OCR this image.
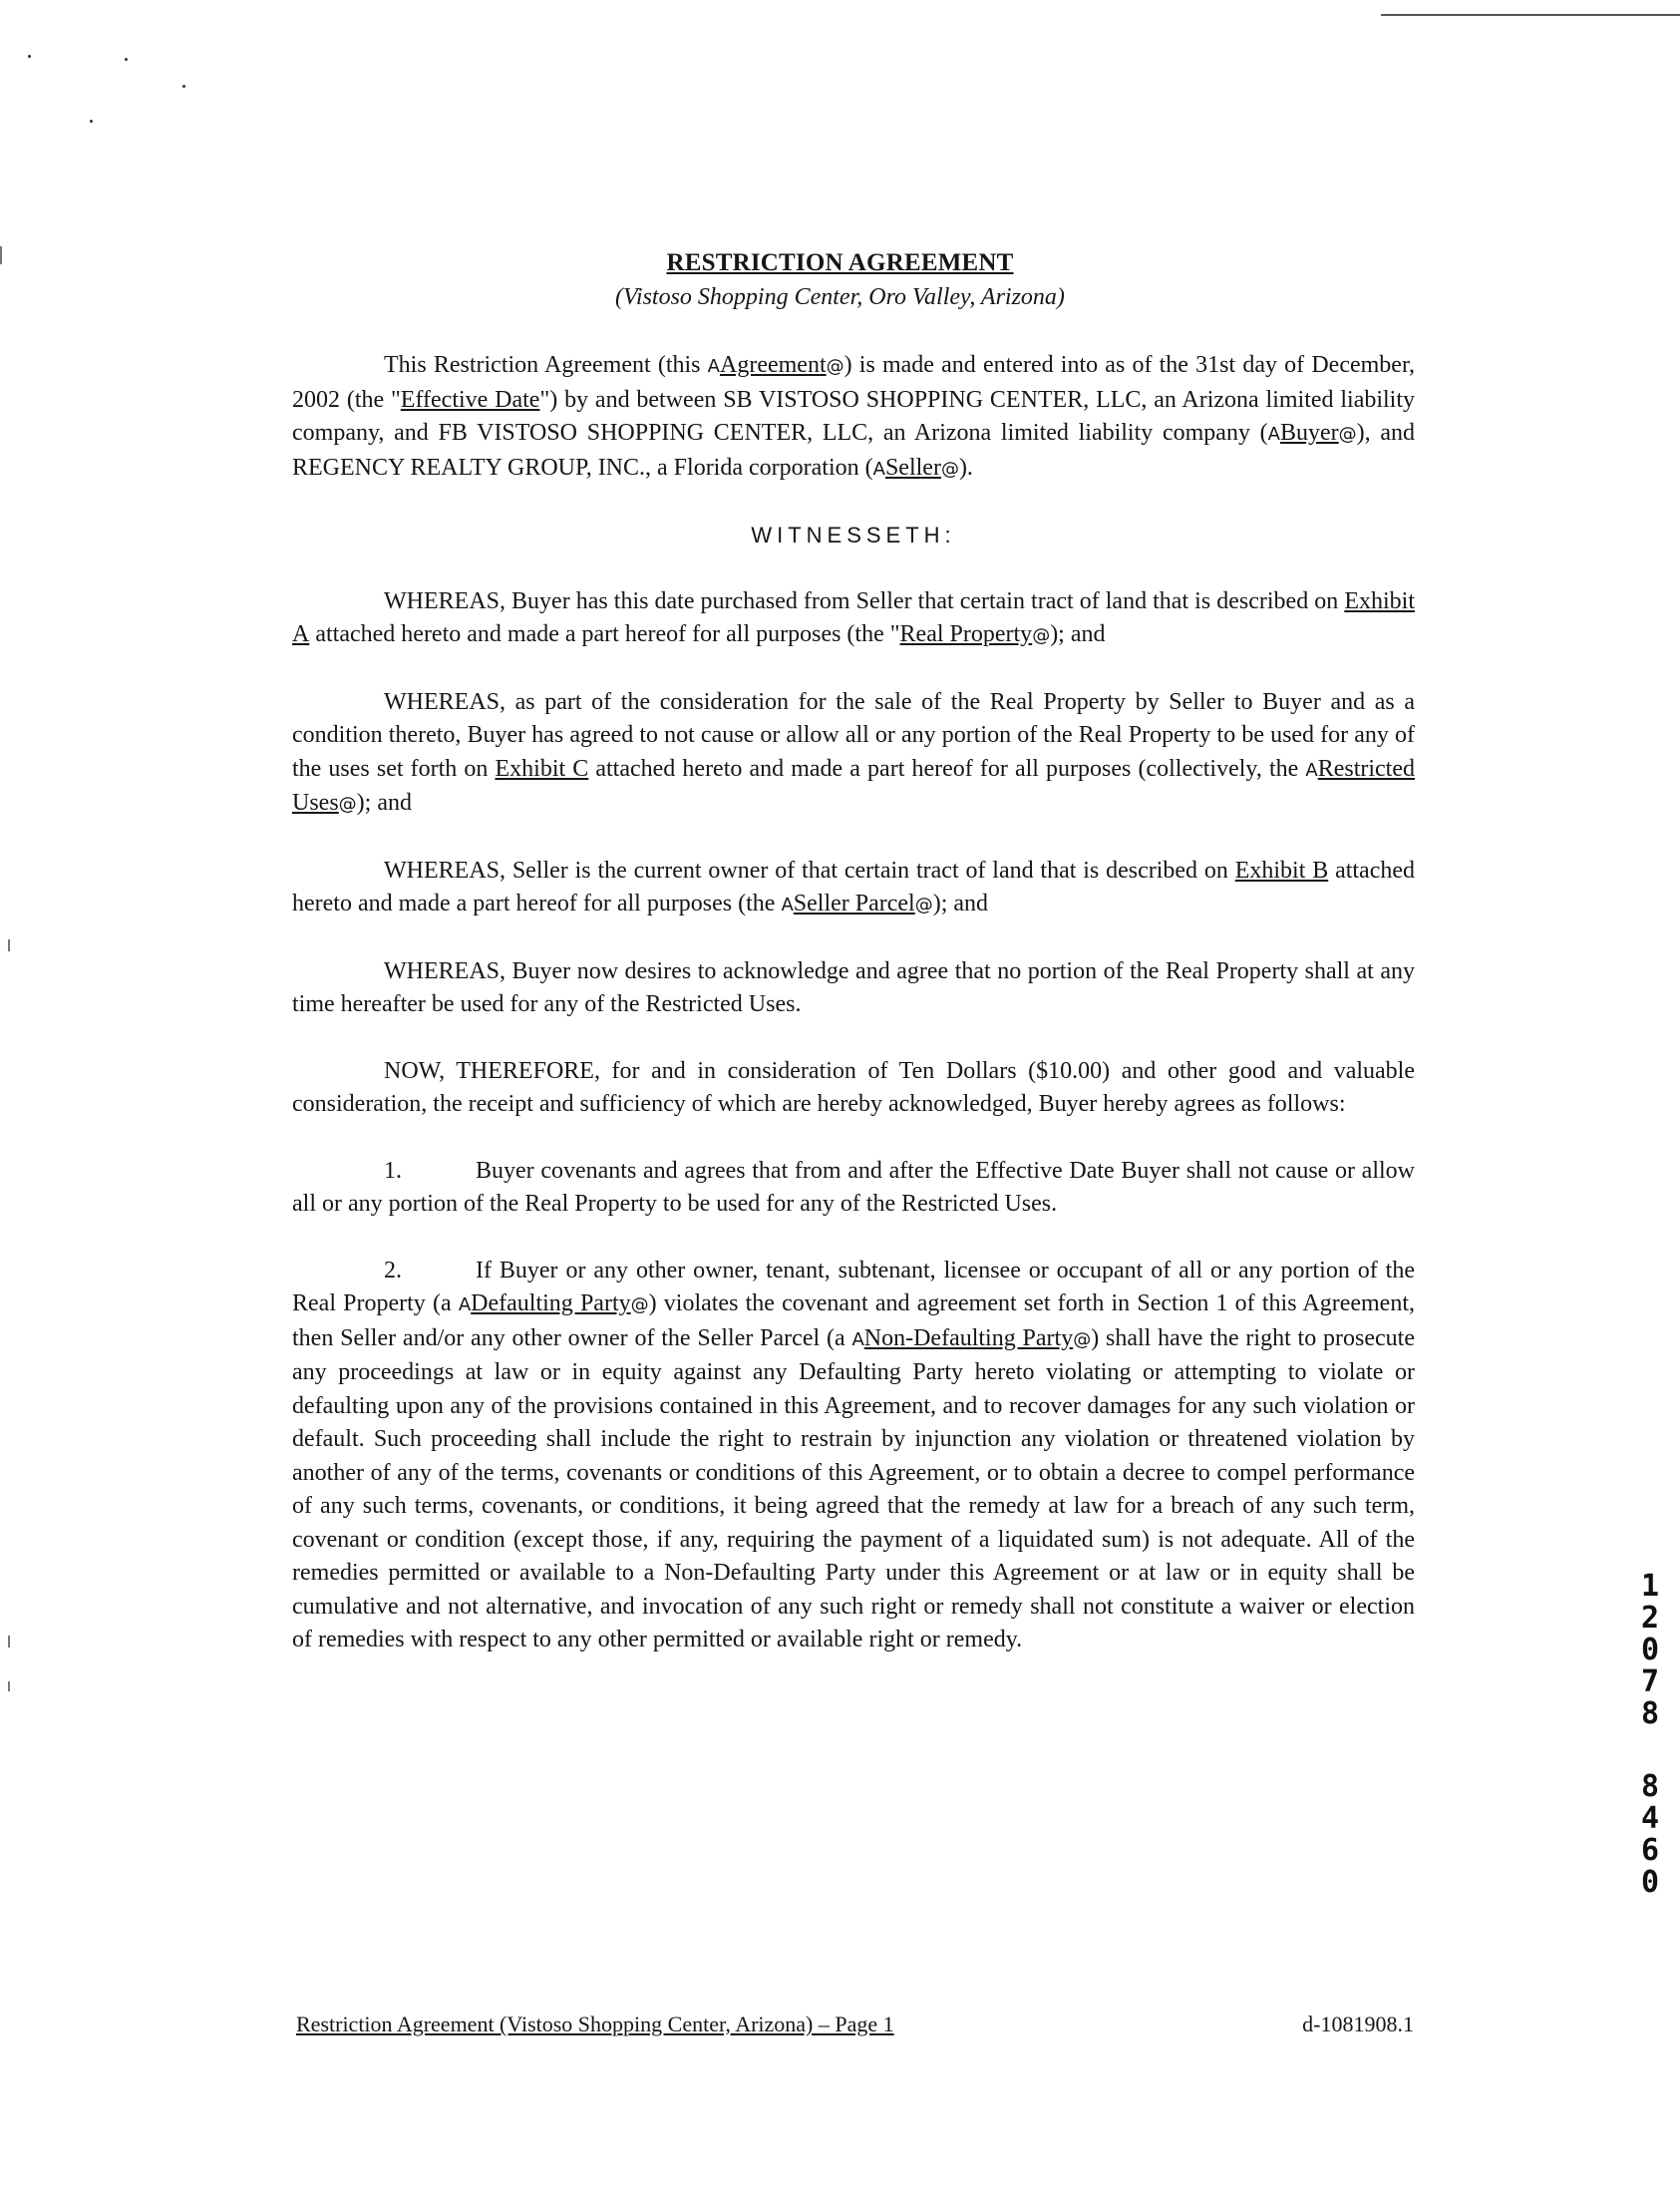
RESTRICTION AGREEMENT
(Vistoso Shopping Center, Oro Valley, Arizona)

This Restriction Agreement (this AAgreement@) is made and entered into as of the 31st day of December, 2002 (the "Effective Date") by and between SB VISTOSO SHOPPING CENTER, LLC, an Arizona limited liability company, and FB VISTOSO SHOPPING CENTER, LLC, an Arizona limited liability company (ABuyer@), and REGENCY REALTY GROUP, INC., a Florida corporation (ASeller@).

WITNESSETH:

WHEREAS, Buyer has this date purchased from Seller that certain tract of land that is described on Exhibit A attached hereto and made a part hereof for all purposes (the "Real Property@); and

WHEREAS, as part of the consideration for the sale of the Real Property by Seller to Buyer and as a condition thereto, Buyer has agreed to not cause or allow all or any portion of the Real Property to be used for any of the uses set forth on Exhibit C attached hereto and made a part hereof for all purposes (collectively, the ARestricted Uses@); and

WHEREAS, Seller is the current owner of that certain tract of land that is described on Exhibit B attached hereto and made a part hereof for all purposes (the ASeller Parcel@); and

WHEREAS, Buyer now desires to acknowledge and agree that no portion of the Real Property shall at any time hereafter be used for any of the Restricted Uses.

NOW, THEREFORE, for and in consideration of Ten Dollars ($10.00) and other good and valuable consideration, the receipt and sufficiency of which are hereby acknowledged, Buyer hereby agrees as follows:

1.	Buyer covenants and agrees that from and after the Effective Date Buyer shall not cause or allow all or any portion of the Real Property to be used for any of the Restricted Uses.

2.	If Buyer or any other owner, tenant, subtenant, licensee or occupant of all or any portion of the Real Property (a ADefaulting Party@) violates the covenant and agreement set forth in Section 1 of this Agreement, then Seller and/or any other owner of the Seller Parcel (a ANon-Defaulting Party@) shall have the right to prosecute any proceedings at law or in equity against any Defaulting Party hereto violating or attempting to violate or defaulting upon any of the provisions contained in this Agreement, and to recover damages for any such violation or default. Such proceeding shall include the right to restrain by injunction any violation or threatened violation by another of any of the terms, covenants or conditions of this Agreement, or to obtain a decree to compel performance of any such terms, covenants, or conditions, it being agreed that the remedy at law for a breach of any such term, covenant or condition (except those, if any, requiring the payment of a liquidated sum) is not adequate. All of the remedies permitted or available to a Non-Defaulting Party under this Agreement or at law or in equity shall be cumulative and not alternative, and invocation of any such right or remedy shall not constitute a waiver or election of remedies with respect to any other permitted or available right or remedy.

1
2
0
7
8
8
4
6
0
Restriction Agreement (Vistoso Shopping Center, Arizona) – Page 1	d-1081908.1
